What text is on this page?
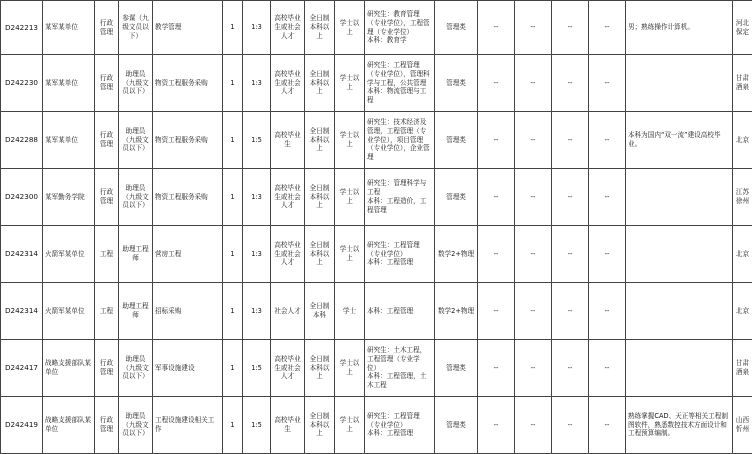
D242213	某军某单位	行政管理	参谋（九级文员以下）	教学管理	1	1:3	高校毕业生或社会人才	全日制本科以上	学士以上	研究生：教育管理（专业学位），工程管理（专业学位）
本科：教育学	管理类	--	--	--	--	男；熟练操作计算机。	河北保定
D242230	某军某单位	行政管理	助理员（九级文员以下）	物资工程服务采购	1	1:3	高校毕业生或社会人才	全日制本科以上	学士以上	研究生：工程管理（专业学位），管理科学与工程，公共管理
本科：物流管理与工程	管理类	--	--	--	--		甘肃酒泉
D242288	某军某单位	行政管理	助理员（九级文员以下）	物资工程服务采购	1	1:5	高校毕业生	全日制本科以上	学士以上	研究生：技术经济及管理，工程管理（专业学位），项目管理（专业学位），企业管理	管理类	--	--	--	--	本科为国内“双一流”建设高校毕业。	北京
D242300	某军勤务学院	行政管理	助理员（九级文员以下）	物资工程服务采购	1	1:3	高校毕业生或社会人才	全日制本科以上	学士以上	研究生：管理科学与工程
本科：工程造价，工程管理	管理类	--	--	--	--		江苏徐州
D242314	火箭军某单位	工程	助理工程师	营房工程	1	1:3	高校毕业生或社会人才	全日制本科以上	学士以上	研究生：工程管理（专业学位）
本科：工程管理	数学2+物理	--	--	--	--		北京
D242314	火箭军某单位	工程	助理工程师	招标采购	1	1:3	社会人才	全日制本科	学士	本科：工程管理	数学2+物理	--	--	--	--		北京
D242417	战略支援部队某单位	行政管理	助理员（九级文员以下）	军事设施建设	1	1:5	高校毕业生或社会人才	全日制本科以上	学士以上	研究生：土木工程，工程管理（专业学位）
本科：工程管理，土木工程	管理类	--	--	--	--		甘肃酒泉
D242419	战略支援部队某单位	行政管理	助理员（九级文员以下）	工程设施建设相关工作	1	1:5	高校毕业生	全日制本科以上	学士以上	研究生：工程管理（专业学位）
本科：工程管理	管理类	--	--	--	--	熟练掌握CAD、天正等相关工程制图软件，熟悉数控技术方面设计和工程预算编制。	山西忻州
